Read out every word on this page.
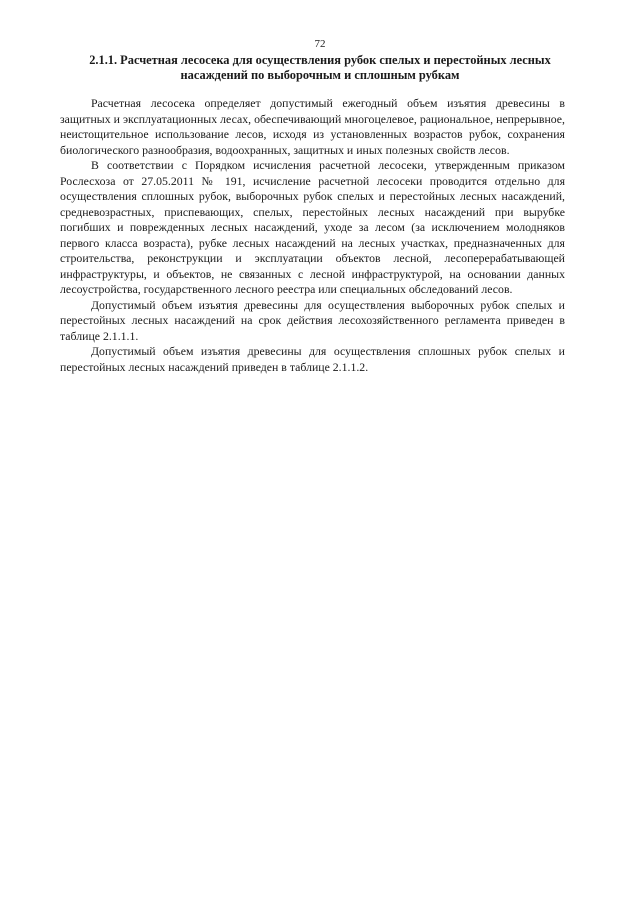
72
2.1.1. Расчетная лесосека для осуществления рубок спелых и перестойных лесных
насаждений по выборочным и сплошным рубкам

Расчетная лесосека определяет допустимый ежегодный объем изъятия древесины в защитных и эксплуатационных лесах, обеспечивающий многоцелевое, рациональное, непрерывное, неистощительное использование лесов, исходя из установленных возрастов рубок, сохранения биологического разнообразия, водоохранных, защитных и иных полезных свойств лесов.

В соответствии с Порядком исчисления расчетной лесосеки, утвержденным приказом Рослесхоза от 27.05.2011 № 191, исчисление расчетной лесосеки проводится отдельно для осуществления сплошных рубок, выборочных рубок спелых и перестойных лесных насаждений, средневозрастных, приспевающих, спелых, перестойных лесных насаждений при вырубке погибших и поврежденных лесных насаждений, уходе за лесом (за исключением молодняков первого класса возраста), рубке лесных насаждений на лесных участках, предназначенных для строительства, реконструкции и эксплуатации объектов лесной, лесоперерабатывающей инфраструктуры, и объектов, не связанных с лесной инфраструктурой, на основании данных лесоустройства, государственного лесного реестра или специальных обследований лесов.

Допустимый объем изъятия древесины для осуществления выборочных рубок спелых и перестойных лесных насаждений на срок действия лесохозяйственного регламента приведен в таблице 2.1.1.1.

Допустимый объем изъятия древесины для осуществления сплошных рубок спелых и перестойных лесных насаждений приведен в таблице 2.1.1.2.
